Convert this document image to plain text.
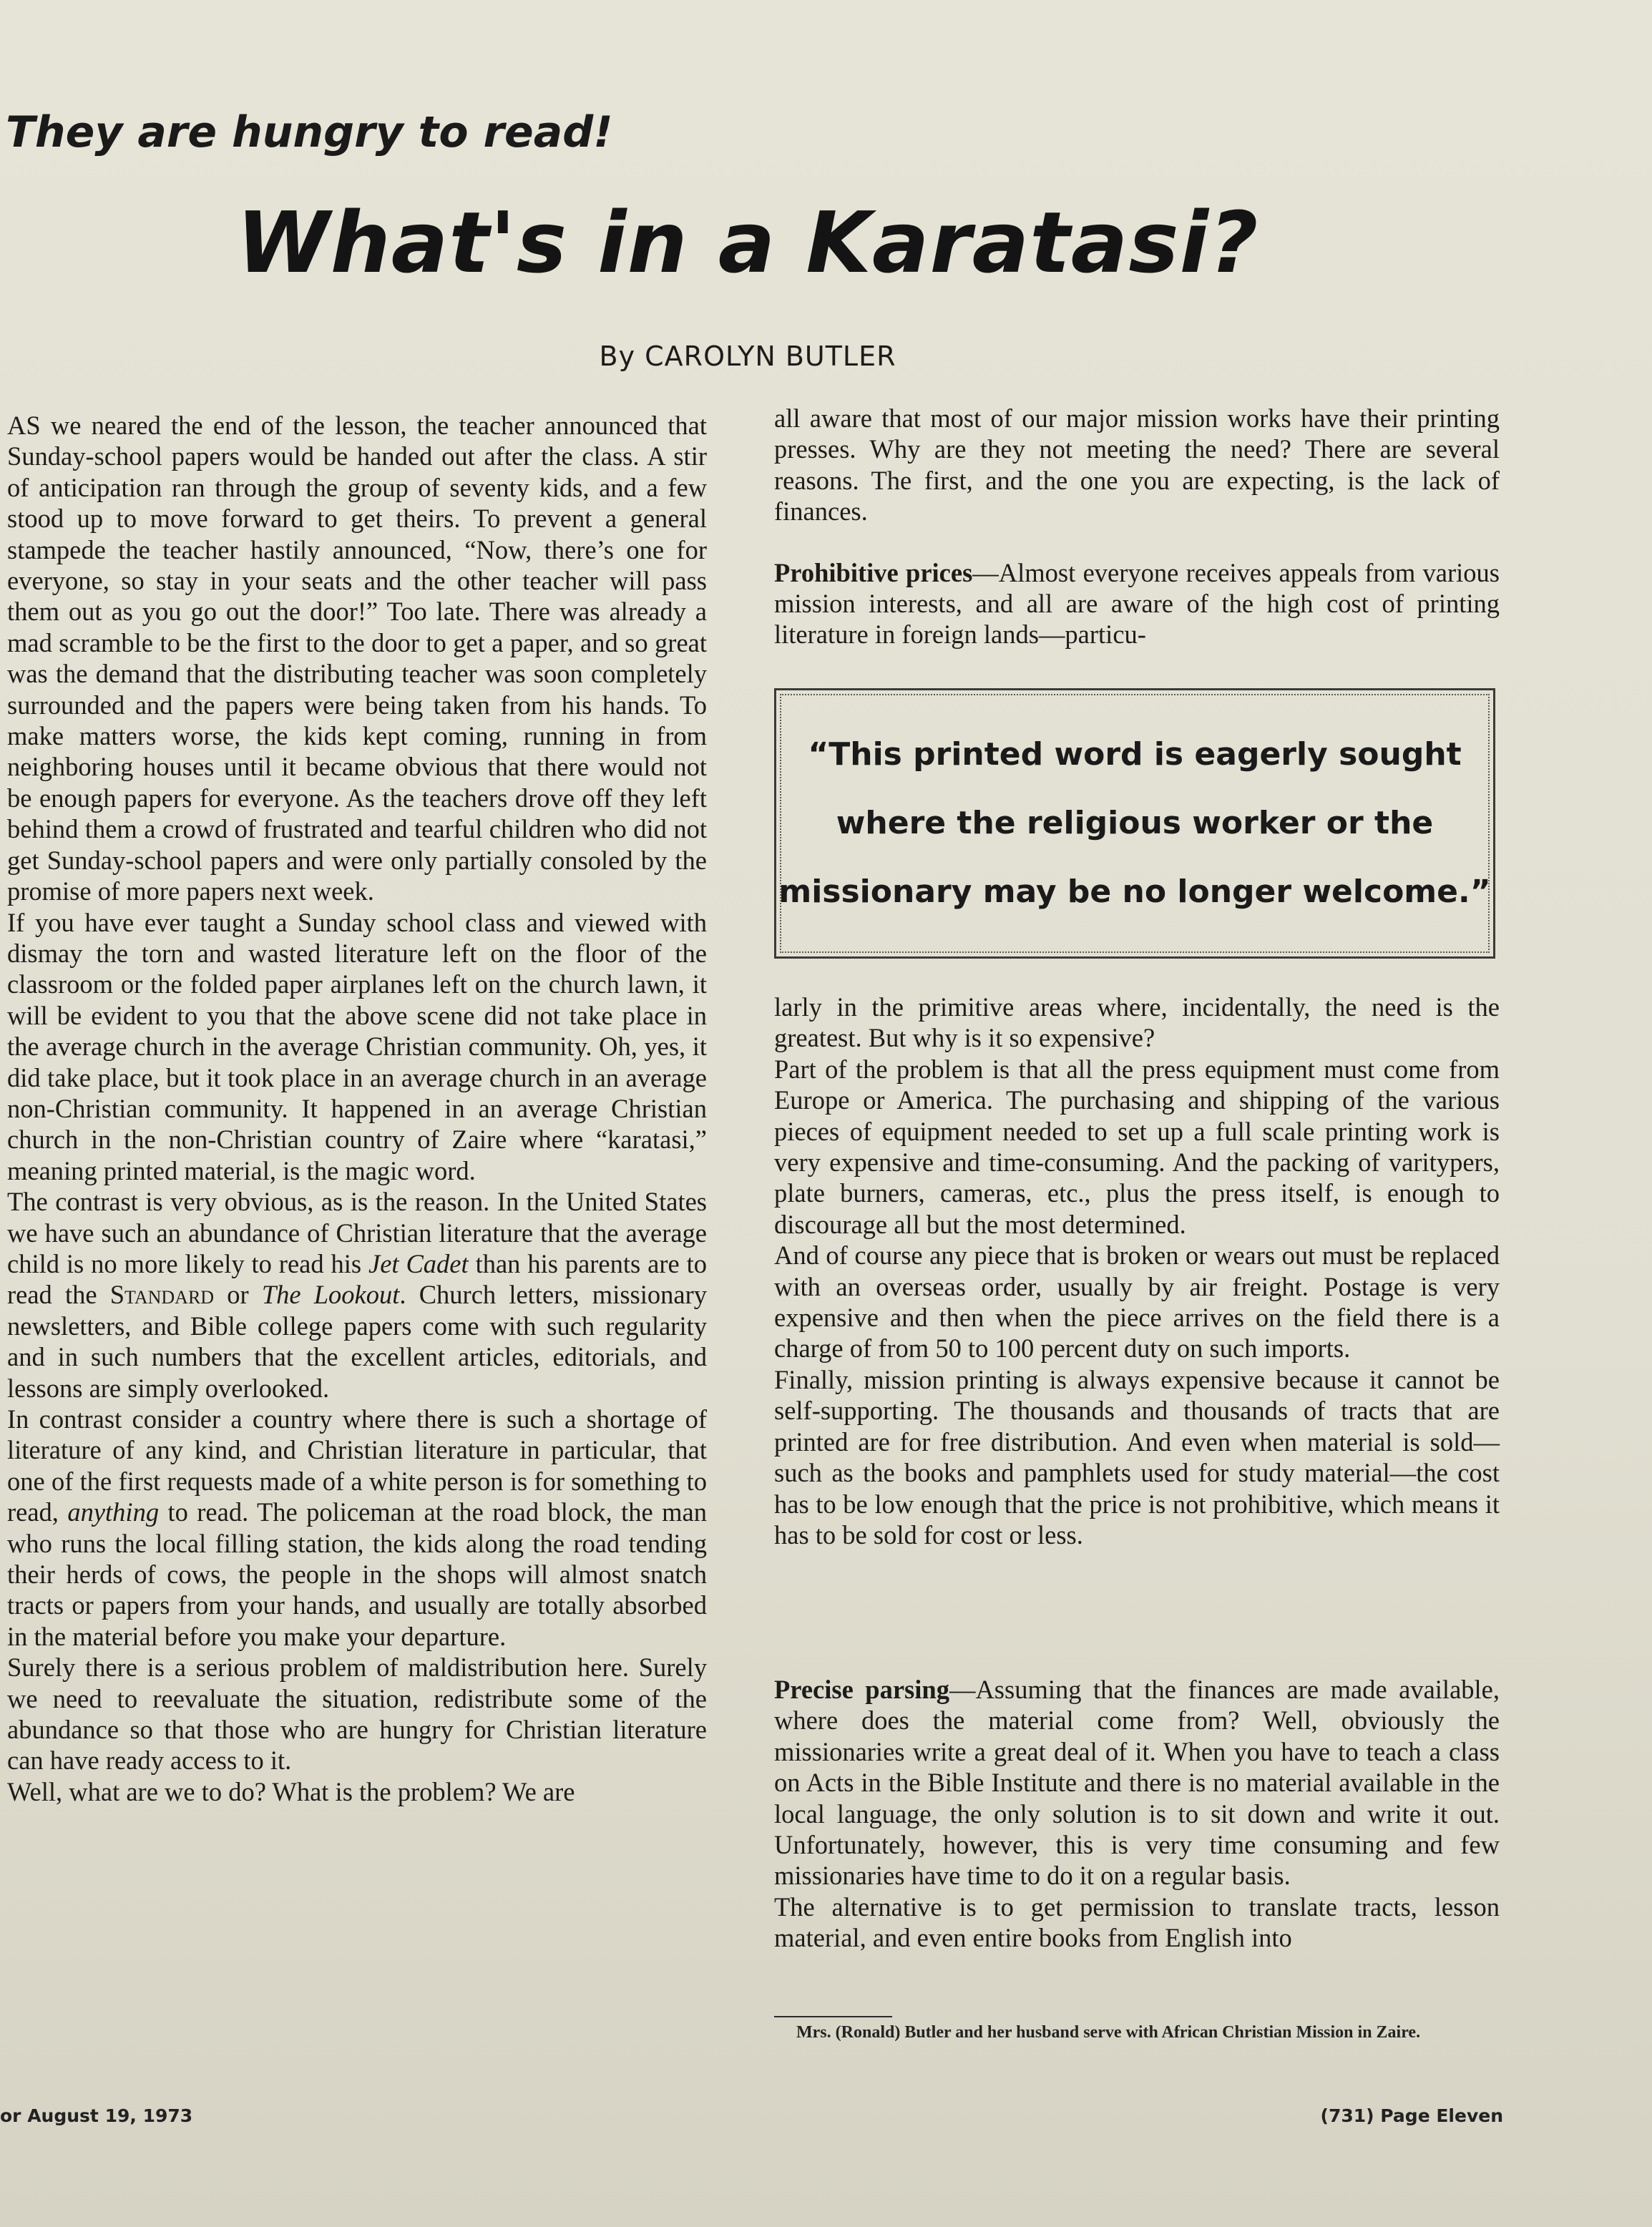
They are hungry to read!
What's in a Karatasi?
By CAROLYN BUTLER

AS we neared the end of the lesson, the teacher announced that Sunday-school papers would be handed out after the class. A stir of anticipation ran through the group of seventy kids, and a few stood up to move forward to get theirs. To prevent a general stampede the teacher hastily announced, “Now, there’s one for everyone, so stay in your seats and the other teacher will pass them out as you go out the door!” Too late. There was already a mad scramble to be the first to the door to get a paper, and so great was the demand that the distributing teacher was soon completely surrounded and the papers were being taken from his hands. To make matters worse, the kids kept coming, running in from neighboring houses until it became obvious that there would not be enough papers for everyone. As the teachers drove off they left behind them a crowd of frustrated and tearful children who did not get Sunday-school papers and were only partially consoled by the promise of more papers next week.

If you have ever taught a Sunday school class and viewed with dismay the torn and wasted literature left on the floor of the classroom or the folded paper airplanes left on the church lawn, it will be evident to you that the above scene did not take place in the average church in the average Christian community. Oh, yes, it did take place, but it took place in an average church in an average non-Christian community. It happened in an average Christian church in the non-Christian country of Zaire where “karatasi,” meaning printed material, is the magic word.

The contrast is very obvious, as is the reason. In the United States we have such an abundance of Christian literature that the average child is no more likely to read his Jet Cadet than his parents are to read the Standard or The Lookout. Church letters, missionary newsletters, and Bible college papers come with such regularity and in such numbers that the excellent articles, editorials, and lessons are simply overlooked.

In contrast consider a country where there is such a shortage of literature of any kind, and Christian literature in particular, that one of the first requests made of a white person is for something to read, anything to read. The policeman at the road block, the man who runs the local filling station, the kids along the road tending their herds of cows, the people in the shops will almost snatch tracts or papers from your hands, and usually are totally absorbed in the material before you make your departure.

Surely there is a serious problem of maldistribution here. Surely we need to reevaluate the situation, redistribute some of the abundance so that those who are hungry for Christian literature can have ready access to it.

Well, what are we to do? What is the problem? We are

all aware that most of our major mission works have their printing presses. Why are they not meeting the need? There are several reasons. The first, and the one you are expecting, is the lack of finances.

Prohibitive prices—Almost everyone receives appeals from various mission interests, and all are aware of the high cost of printing literature in foreign lands—particu-

“This printed word is eagerly sought
where the religious worker or the
missionary may be no longer welcome.”

larly in the primitive areas where, incidentally, the need is the greatest. But why is it so expensive?

Part of the problem is that all the press equipment must come from Europe or America. The purchasing and shipping of the various pieces of equipment needed to set up a full scale printing work is very expensive and time-consuming. And the packing of varitypers, plate burners, cameras, etc., plus the press itself, is enough to discourage all but the most determined.

And of course any piece that is broken or wears out must be replaced with an overseas order, usually by air freight. Postage is very expensive and then when the piece arrives on the field there is a charge of from 50 to 100 percent duty on such imports.

Finally, mission printing is always expensive because it cannot be self-supporting. The thousands and thousands of tracts that are printed are for free distribution. And even when material is sold—such as the books and pamphlets used for study material—the cost has to be low enough that the price is not prohibitive, which means it has to be sold for cost or less.

Precise parsing—Assuming that the finances are made available, where does the material come from? Well, obviously the missionaries write a great deal of it. When you have to teach a class on Acts in the Bible Institute and there is no material available in the local language, the only solution is to sit down and write it out. Unfortunately, however, this is very time consuming and few missionaries have time to do it on a regular basis.

The alternative is to get permission to translate tracts, lesson material, and even entire books from English into

Mrs. (Ronald) Butler and her husband serve with African Christian Mission in Zaire.
or August 19, 1973	(731) Page Eleven
